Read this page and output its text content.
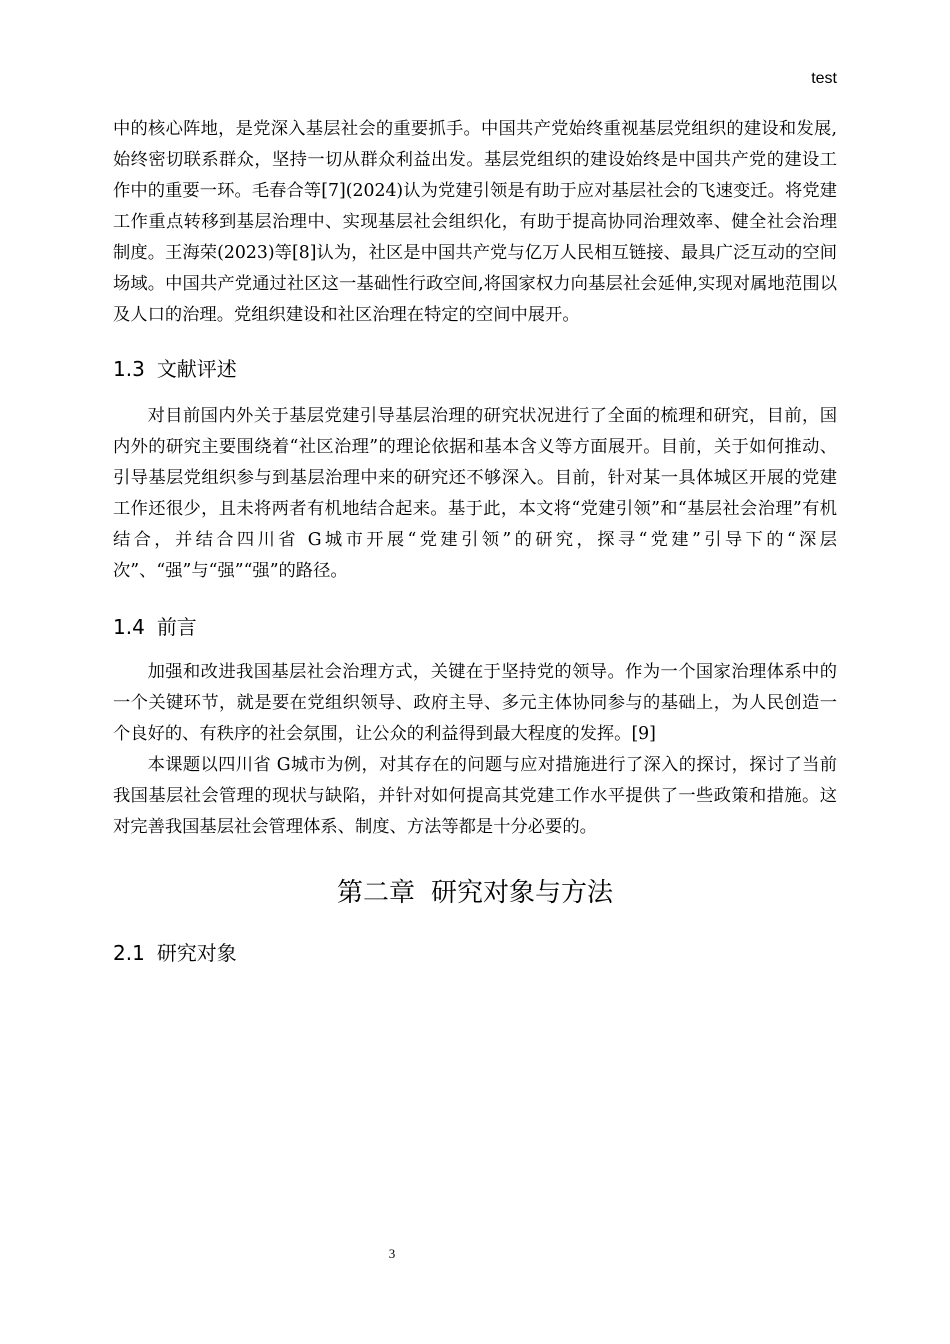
test

中的核心阵地，是党深入基层社会的重要抓手。中国共产党始终重视基层党组织的建设和发展,始终密切联系群众，坚持一切从群众利益出发。基层党组织的建设始终是中国共产党的建设工作中的重要一环。毛春合等[7](2024)认为党建引领是有助于应对基层社会的飞速变迁。将党建工作重点转移到基层治理中、实现基层社会组织化，有助于提高协同治理效率、健全社会治理制度。王海荣(2023)等[8]认为，社区是中国共产党与亿万人民相互链接、最具广泛互动的空间场域。中国共产党通过社区这一基础性行政空间,将国家权力向基层社会延伸,实现对属地范围以及人口的治理。党组织建设和社区治理在特定的空间中展开。

1.3 文献评述

对目前国内外关于基层党建引导基层治理的研究状况进行了全面的梳理和研究，目前，国内外的研究主要围绕着“社区治理”的理论依据和基本含义等方面展开。目前，关于如何推动、引导基层党组织参与到基层治理中来的研究还不够深入。目前，针对某一具体城区开展的党建工作还很少，且未将两者有机地结合起来。基于此，本文将“党建引领”和“基层社会治理”有机结合，并结合四川省 G城市开展“党建引领”的研究，探寻“党建”引导下的“深层次”、“强”与“强”“强”的路径。

1.4 前言

加强和改进我国基层社会治理方式，关键在于坚持党的领导。作为一个国家治理体系中的一个关键环节，就是要在党组织领导、政府主导、多元主体协同参与的基础上，为人民创造一个良好的、有秩序的社会氛围，让公众的利益得到最大程度的发挥。[9]

本课题以四川省 G城市为例，对其存在的问题与应对措施进行了深入的探讨，探讨了当前我国基层社会管理的现状与缺陷，并针对如何提高其党建工作水平提供了一些政策和措施。这对完善我国基层社会管理体系、制度、方法等都是十分必要的。

第二章 研究对象与方法
2.1 研究对象
3
